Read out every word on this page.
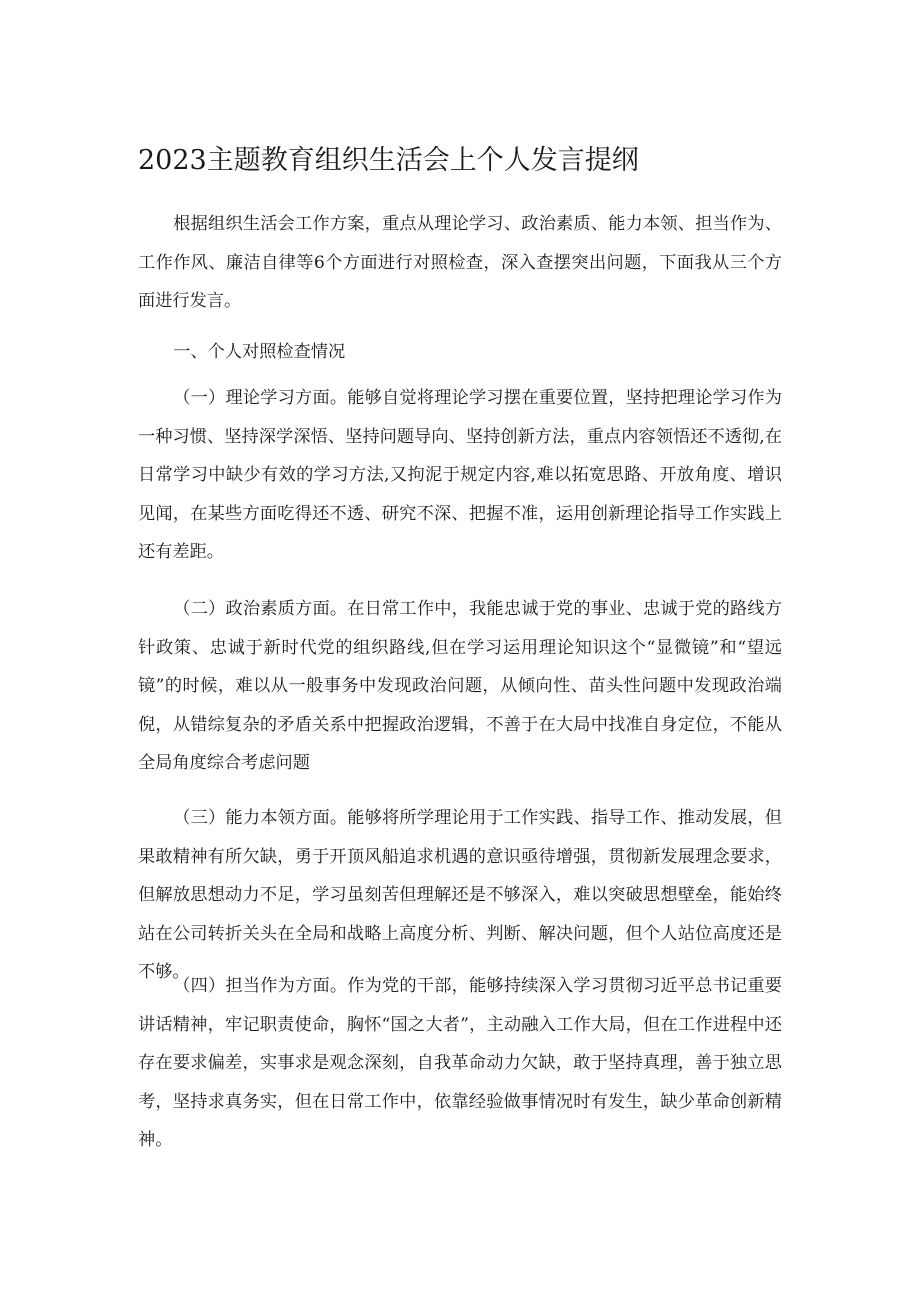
2023主题教育组织生活会上个人发言提纲

根据组织生活会工作方案，重点从理论学习、政治素质、能力本领、担当作为、工作作风、廉洁自律等6个方面进行对照检查，深入查摆突出问题，下面我从三个方面进行发言。

一、个人对照检查情况

（一）理论学习方面。能够自觉将理论学习摆在重要位置，坚持把理论学习作为一种习惯、坚持深学深悟、坚持问题导向、坚持创新方法，重点内容领悟还不透彻,在日常学习中缺少有效的学习方法,又拘泥于规定内容,难以拓宽思路、开放角度、增识见闻，在某些方面吃得还不透、研究不深、把握不准，运用创新理论指导工作实践上还有差距。

（二）政治素质方面。在日常工作中，我能忠诚于党的事业、忠诚于党的路线方针政策、忠诚于新时代党的组织路线,但在学习运用理论知识这个“显微镜”和“望远镜”的时候，难以从一般事务中发现政治问题，从倾向性、苗头性问题中发现政治端倪，从错综复杂的矛盾关系中把握政治逻辑，不善于在大局中找准自身定位，不能从全局角度综合考虑问题

（三）能力本领方面。能够将所学理论用于工作实践、指导工作、推动发展，但果敢精神有所欠缺，勇于开顶风船追求机遇的意识亟待增强，贯彻新发展理念要求，但解放思想动力不足，学习虽刻苦但理解还是不够深入，难以突破思想壁垒，能始终站在公司转折关头在全局和战略上高度分析、判断、解决问题，但个人站位高度还是不够。

（四）担当作为方面。作为党的干部，能够持续深入学习贯彻习近平总书记重要讲话精神，牢记职责使命，胸怀“国之大者”，主动融入工作大局，但在工作进程中还存在要求偏差，实事求是观念深刻，自我革命动力欠缺，敢于坚持真理，善于独立思考，坚持求真务实，但在日常工作中，依靠经验做事情况时有发生，缺少革命创新精神。
